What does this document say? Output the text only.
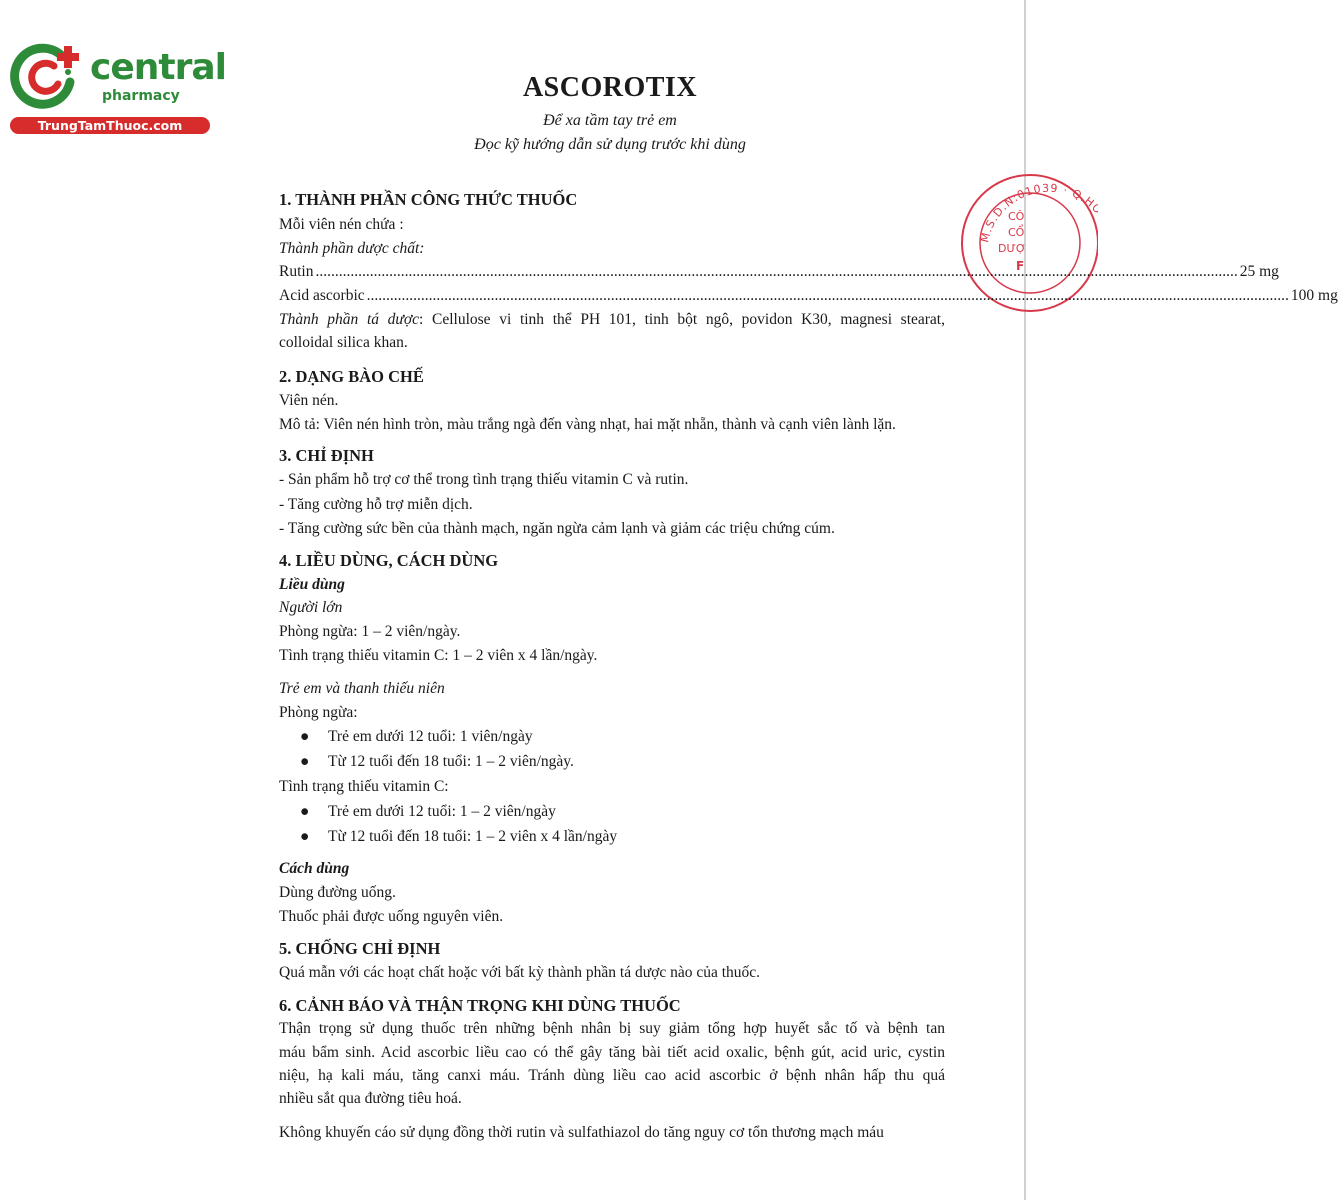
central
pharmacy
TrungTamThuoc.com
M.S.D.N:01039 · Q.H
CÔ
CỔ
DƯỢ
F
ASCOROTIX
Để xa tầm tay trẻ em
Đọc kỹ hướng dẫn sử dụng trước khi dùng
1. THÀNH PHẦN CÔNG THỨC THUỐC
Mỗi viên nén chứa :
Thành phần dược chất:
Rutin .....	25 mg
Acid ascorbic .....	100 mg
Thành phần tá dược: Cellulose vi tinh thể PH 101, tinh bột ngô, povidon K30, magnesi stearat,
colloidal silica khan.
2. DẠNG BÀO CHẾ
Viên nén.
Mô tả: Viên nén hình tròn, màu trắng ngà đến vàng nhạt, hai mặt nhẵn, thành và cạnh viên lành lặn.
3. CHỈ ĐỊNH
- Sản phẩm hỗ trợ cơ thể trong tình trạng thiếu vitamin C và rutin.
- Tăng cường hỗ trợ miễn dịch.
- Tăng cường sức bền của thành mạch, ngăn ngừa cảm lạnh và giảm các triệu chứng cúm.
4. LIỀU DÙNG, CÁCH DÙNG
Liều dùng
Người lớn
Phòng ngừa: 1 – 2 viên/ngày.
Tình trạng thiếu vitamin C: 1 – 2 viên x 4 lần/ngày.
Trẻ em và thanh thiếu niên
Phòng ngừa:
● Trẻ em dưới 12 tuổi: 1 viên/ngày
● Từ 12 tuổi đến 18 tuổi: 1 – 2 viên/ngày.
Tình trạng thiếu vitamin C:
● Trẻ em dưới 12 tuổi: 1 – 2 viên/ngày
● Từ 12 tuổi đến 18 tuổi: 1 – 2 viên x 4 lần/ngày
Cách dùng
Dùng đường uống.
Thuốc phải được uống nguyên viên.
5. CHỐNG CHỈ ĐỊNH
Quá mẫn với các hoạt chất hoặc với bất kỳ thành phần tá dược nào của thuốc.
6. CẢNH BÁO VÀ THẬN TRỌNG KHI DÙNG THUỐC
Thận trọng sử dụng thuốc trên những bệnh nhân bị suy giảm tổng hợp huyết sắc tố và bệnh tan
máu bẩm sinh. Acid ascorbic liều cao có thể gây tăng bài tiết acid oxalic, bệnh gút, acid uric, cystin
niệu, hạ kali máu, tăng canxi máu. Tránh dùng liều cao acid ascorbic ở bệnh nhân hấp thu quá
nhiều sắt qua đường tiêu hoá.
Không khuyến cáo sử dụng đồng thời rutin và sulfathiazol do tăng nguy cơ tổn thương mạch máu
